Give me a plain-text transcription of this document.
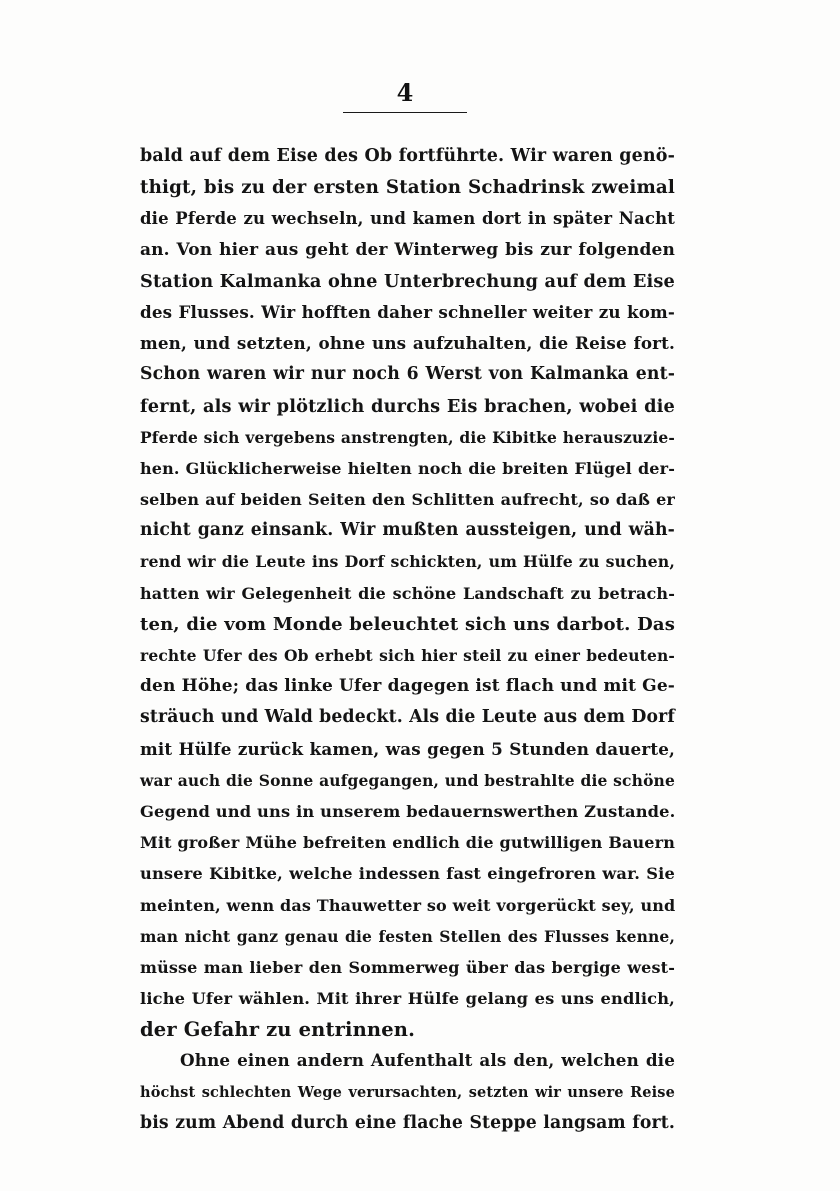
4
bald auf dem Eise des Ob fortführte. Wir waren genö-
thigt, bis zu der ersten Station Schadrinsk zweimal
die Pferde zu wechseln, und kamen dort in später Nacht
an. Von hier aus geht der Winterweg bis zur folgenden
Station Kalmanka ohne Unterbrechung auf dem Eise
des Flusses. Wir hofften daher schneller weiter zu kom-
men, und setzten, ohne uns aufzuhalten, die Reise fort.
Schon waren wir nur noch 6 Werst von Kalmanka ent-
fernt, als wir plötzlich durchs Eis brachen, wobei die
Pferde sich vergebens anstrengten, die Kibitke herauszuzie-
hen. Glücklicherweise hielten noch die breiten Flügel der-
selben auf beiden Seiten den Schlitten aufrecht, so daß er
nicht ganz einsank. Wir mußten aussteigen, und wäh-
rend wir die Leute ins Dorf schickten, um Hülfe zu suchen,
hatten wir Gelegenheit die schöne Landschaft zu betrach-
ten, die vom Monde beleuchtet sich uns darbot. Das
rechte Ufer des Ob erhebt sich hier steil zu einer bedeuten-
den Höhe; das linke Ufer dagegen ist flach und mit Ge-
sträuch und Wald bedeckt. Als die Leute aus dem Dorf
mit Hülfe zurück kamen, was gegen 5 Stunden dauerte,
war auch die Sonne aufgegangen, und bestrahlte die schöne
Gegend und uns in unserem bedauernswerthen Zustande.
Mit großer Mühe befreiten endlich die gutwilligen Bauern
unsere Kibitke, welche indessen fast eingefroren war. Sie
meinten, wenn das Thauwetter so weit vorgerückt sey, und
man nicht ganz genau die festen Stellen des Flusses kenne,
müsse man lieber den Sommerweg über das bergige west-
liche Ufer wählen. Mit ihrer Hülfe gelang es uns endlich,
der Gefahr zu entrinnen.
Ohne einen andern Aufenthalt als den, welchen die
höchst schlechten Wege verursachten, setzten wir unsere Reise
bis zum Abend durch eine flache Steppe langsam fort.
